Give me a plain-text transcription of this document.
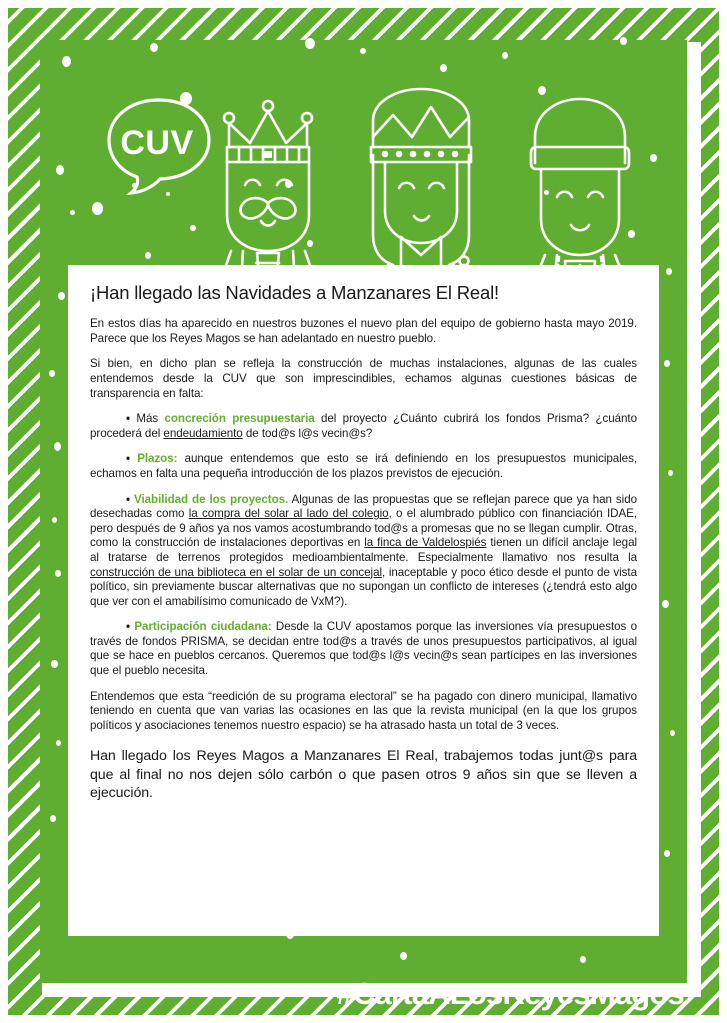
CUV
#CartaALosReyesMagos
¡Han llegado las Navidades a Manzanares El Real!

En estos días ha aparecido en nuestros buzones el nuevo plan del equipo de gobierno hasta mayo 2019. Parece que los Reyes Magos se han adelantado en nuestro pueblo.

Si bien, en dicho plan se refleja la construcción de muchas instalaciones, algunas de las cuales entendemos desde la CUV que son imprescindibles, echamos algunas cuestiones básicas de transparencia en falta:

• Más concreción presupuestaria del proyecto ¿Cuánto cubrirá los fondos Prisma? ¿cuánto procederá del endeudamiento de tod@s l@s vecin@s?

• Plazos: aunque entendemos que esto se irá definiendo en los presupuestos municipales, echamos en falta una pequeña introducción de los plazos previstos de ejecución.

• Viabilidad de los proyectos. Algunas de las propuestas que se reflejan parece que ya han sido desechadas como la compra del solar al lado del colegio, o el alumbrado público con financiación IDAE, pero después de 9 años ya nos vamos acostumbrando tod@s a promesas que no se llegan cumplir. Otras, como la construcción de instalaciones deportivas en la finca de Valdelospiés tienen un difícil anclaje legal al tratarse de terrenos protegidos medioambientalmente. Especialmente llamativo nos resulta la construcción de una biblioteca en el solar de un concejal, inaceptable y poco ético desde el punto de vista político, sin previamente buscar alternativas que no supongan un conflicto de intereses (¿tendrá esto algo que ver con el amabilísimo comunicado de VxM?).

• Participación ciudadana: Desde la CUV apostamos porque las inversiones vía presupuestos o través de fondos PRISMA, se decidan entre tod@s a través de unos presupuestos participativos, al igual que se hace en pueblos cercanos. Queremos que tod@s l@s vecin@s sean partícipes en las inversiones que el pueblo necesita.

Entendemos que esta “reedición de su programa electoral” se ha pagado con dinero municipal, llamativo teniendo en cuenta que van varias las ocasiones en las que la revista municipal (en la que los grupos políticos y asociaciones tenemos nuestro espacio) se ha atrasado hasta un total de 3 veces.

Han llegado los Reyes Magos a Manzanares El Real, trabajemos todas junt@s para que al final no nos dejen sólo carbón o que pasen otros 9 años sin que se lleven a ejecución.
